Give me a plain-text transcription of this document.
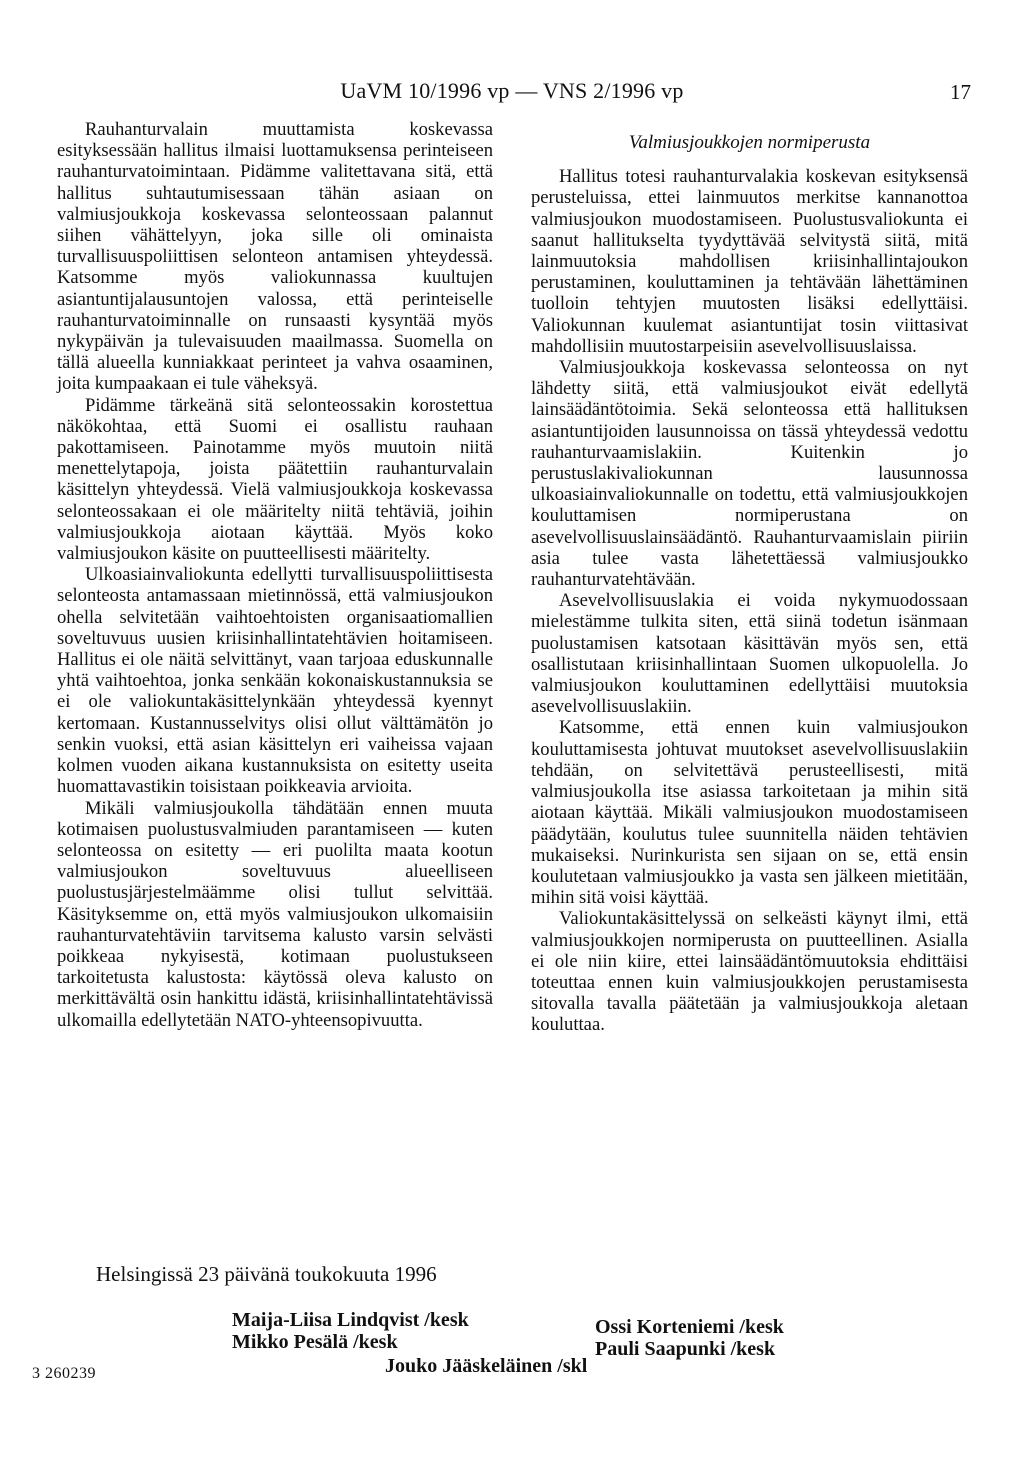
UaVM 10/1996 vp — VNS 2/1996 vp	17

Rauhanturvalain muuttamista koskevassa esityksessään hallitus ilmaisi luottamuksensa perinteiseen rauhanturvatoimintaan. Pidämme valitettavana sitä, että hallitus suhtautumisessaan tähän asiaan on valmiusjoukkoja koskevassa selonteossaan palannut siihen vähättelyyn, joka sille oli ominaista turvallisuuspoliittisen selonteon antamisen yhteydessä. Katsomme myös valiokunnassa kuultujen asiantuntijalausuntojen valossa, että perinteiselle rauhanturvatoiminnalle on runsaasti kysyntää myös nykypäivän ja tulevaisuuden maailmassa. Suomella on tällä alueella kunniakkaat perinteet ja vahva osaaminen, joita kumpaakaan ei tule väheksyä.

Pidämme tärkeänä sitä selonteossakin korostettua näkökohtaa, että Suomi ei osallistu rauhaan pakottamiseen. Painotamme myös muutoin niitä menettelytapoja, joista päätettiin rauhanturvalain käsittelyn yhteydessä. Vielä valmiusjoukkoja koskevassa selonteossakaan ei ole määritelty niitä tehtäviä, joihin valmiusjoukkoja aiotaan käyttää. Myös koko valmiusjoukon käsite on puutteellisesti määritelty.

Ulkoasiainvaliokunta edellytti turvallisuuspoliittisesta selonteosta antamassaan mietinnössä, että valmiusjoukon ohella selvitetään vaihtoehtoisten organisaatiomallien soveltuvuus uusien kriisinhallintatehtävien hoitamiseen. Hallitus ei ole näitä selvittänyt, vaan tarjoaa eduskunnalle yhtä vaihtoehtoa, jonka senkään kokonaiskustannuksia se ei ole valiokuntakäsittelynkään yhteydessä kyennyt kertomaan. Kustannusselvitys olisi ollut välttämätön jo senkin vuoksi, että asian käsittelyn eri vaiheissa vajaan kolmen vuoden aikana kustannuksista on esitetty useita huomattavastikin toisistaan poikkeavia arvioita.

Mikäli valmiusjoukolla tähdätään ennen muuta kotimaisen puolustusvalmiuden parantamiseen — kuten selonteossa on esitetty — eri puolilta maata kootun valmiusjoukon soveltuvuus alueelliseen puolustusjärjestelmäämme olisi tullut selvittää. Käsityksemme on, että myös valmiusjoukon ulkomaisiin rauhanturvatehtäviin tarvitsema kalusto varsin selvästi poikkeaa nykyisestä, kotimaan puolustukseen tarkoitetusta kalustosta: käytössä oleva kalusto on merkittävältä osin hankittu idästä, kriisinhallintatehtävissä ulkomailla edellytetään NATO-yhteensopivuutta.

Valmiusjoukkojen normiperusta

Hallitus totesi rauhanturvalakia koskevan esityksensä perusteluissa, ettei lainmuutos merkitse kannanottoa valmiusjoukon muodostamiseen. Puolustusvaliokunta ei saanut hallitukselta tyydyttävää selvitystä siitä, mitä lainmuutoksia mahdollisen kriisinhallintajoukon perustaminen, kouluttaminen ja tehtävään lähettäminen tuolloin tehtyjen muutosten lisäksi edellyttäisi. Valiokunnan kuulemat asiantuntijat tosin viittasivat mahdollisiin muutostarpeisiin asevelvollisuuslaissa.

Valmiusjoukkoja koskevassa selonteossa on nyt lähdetty siitä, että valmiusjoukot eivät edellytä lainsäädäntötoimia. Sekä selonteossa että hallituksen asiantuntijoiden lausunnoissa on tässä yhteydessä vedottu rauhanturvaamislakiin. Kuitenkin jo perustuslakivaliokunnan lausunnossa ulkoasiainvaliokunnalle on todettu, että valmiusjoukkojen kouluttamisen normiperustana on asevelvollisuuslainsäädäntö. Rauhanturvaamislain piiriin asia tulee vasta lähetettäessä valmiusjoukko rauhanturvatehtävään.

Asevelvollisuuslakia ei voida nykymuodossaan mielestämme tulkita siten, että siinä todetun isänmaan puolustamisen katsotaan käsittävän myös sen, että osallistutaan kriisinhallintaan Suomen ulkopuolella. Jo valmiusjoukon kouluttaminen edellyttäisi muutoksia asevelvollisuuslakiin.

Katsomme, että ennen kuin valmiusjoukon kouluttamisesta johtuvat muutokset asevelvollisuuslakiin tehdään, on selvitettävä perusteellisesti, mitä valmiusjoukolla itse asiassa tarkoitetaan ja mihin sitä aiotaan käyttää. Mikäli valmiusjoukon muodostamiseen päädytään, koulutus tulee suunnitella näiden tehtävien mukaiseksi. Nurinkurista sen sijaan on se, että ensin koulutetaan valmiusjoukko ja vasta sen jälkeen mietitään, mihin sitä voisi käyttää.

Valiokuntakäsittelyssä on selkeästi käynyt ilmi, että valmiusjoukkojen normiperusta on puutteellinen. Asialla ei ole niin kiire, ettei lainsäädäntömuutoksia ehdittäisi toteuttaa ennen kuin valmiusjoukkojen perustamisesta sitovalla tavalla päätetään ja valmiusjoukkoja aletaan kouluttaa.

Helsingissä 23 päivänä toukokuuta 1996
Maija-Liisa Lindqvist /kesk
Mikko Pesälä /kesk
Ossi Korteniemi /kesk
Pauli Saapunki /kesk
Jouko Jääskeläinen /skl
3 260239
